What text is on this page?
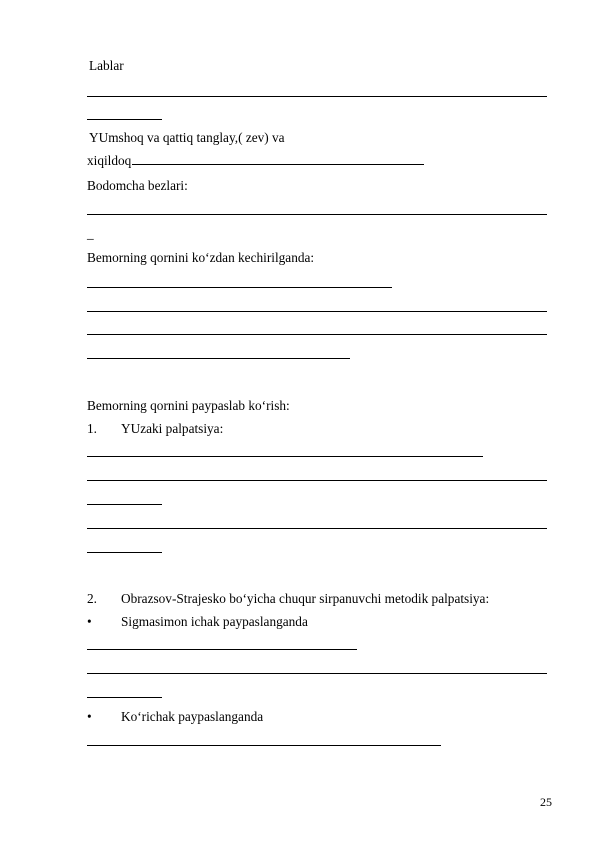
Lablar
YUmshoq va qattiq tanglay,( zev) va
xiqildoq
Bodomcha bezlari:
_
Bemorning qornini ko‘zdan kechirilganda:
Bemorning qornini paypaslab ko‘rish:
1. YUzaki palpatsiya:
2. Obrazsov-Strajesko bo‘yicha chuqur sirpanuvchi metodik palpatsiya:
• Sigmasimon ichak paypaslanganda
• Ko‘richak paypaslanganda
25
